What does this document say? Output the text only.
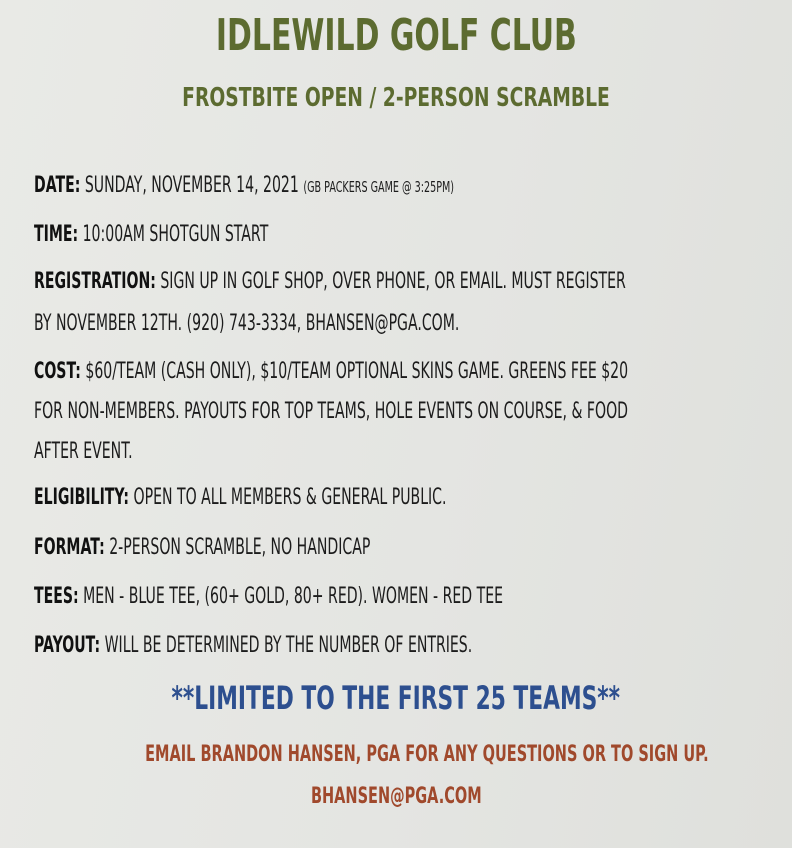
IDLEWILD GOLF CLUB
FROSTBITE OPEN / 2-PERSON SCRAMBLE
DATE: SUNDAY, NOVEMBER 14, 2021 (GB PACKERS GAME @ 3:25PM)
TIME: 10:00AM SHOTGUN START
REGISTRATION: SIGN UP IN GOLF SHOP, OVER PHONE, OR EMAIL. MUST REGISTER
BY NOVEMBER 12TH. (920) 743-3334, BHANSEN@PGA.COM.
COST: $60/TEAM (CASH ONLY), $10/TEAM OPTIONAL SKINS GAME. GREENS FEE $20
FOR NON-MEMBERS. PAYOUTS FOR TOP TEAMS, HOLE EVENTS ON COURSE, & FOOD
AFTER EVENT.
ELIGIBILITY: OPEN TO ALL MEMBERS & GENERAL PUBLIC.
FORMAT: 2-PERSON SCRAMBLE, NO HANDICAP
TEES: MEN - BLUE TEE, (60+ GOLD, 80+ RED). WOMEN - RED TEE
PAYOUT: WILL BE DETERMINED BY THE NUMBER OF ENTRIES.
**LIMITED TO THE FIRST 25 TEAMS**
EMAIL BRANDON HANSEN, PGA FOR ANY QUESTIONS OR TO SIGN UP.
BHANSEN@PGA.COM
